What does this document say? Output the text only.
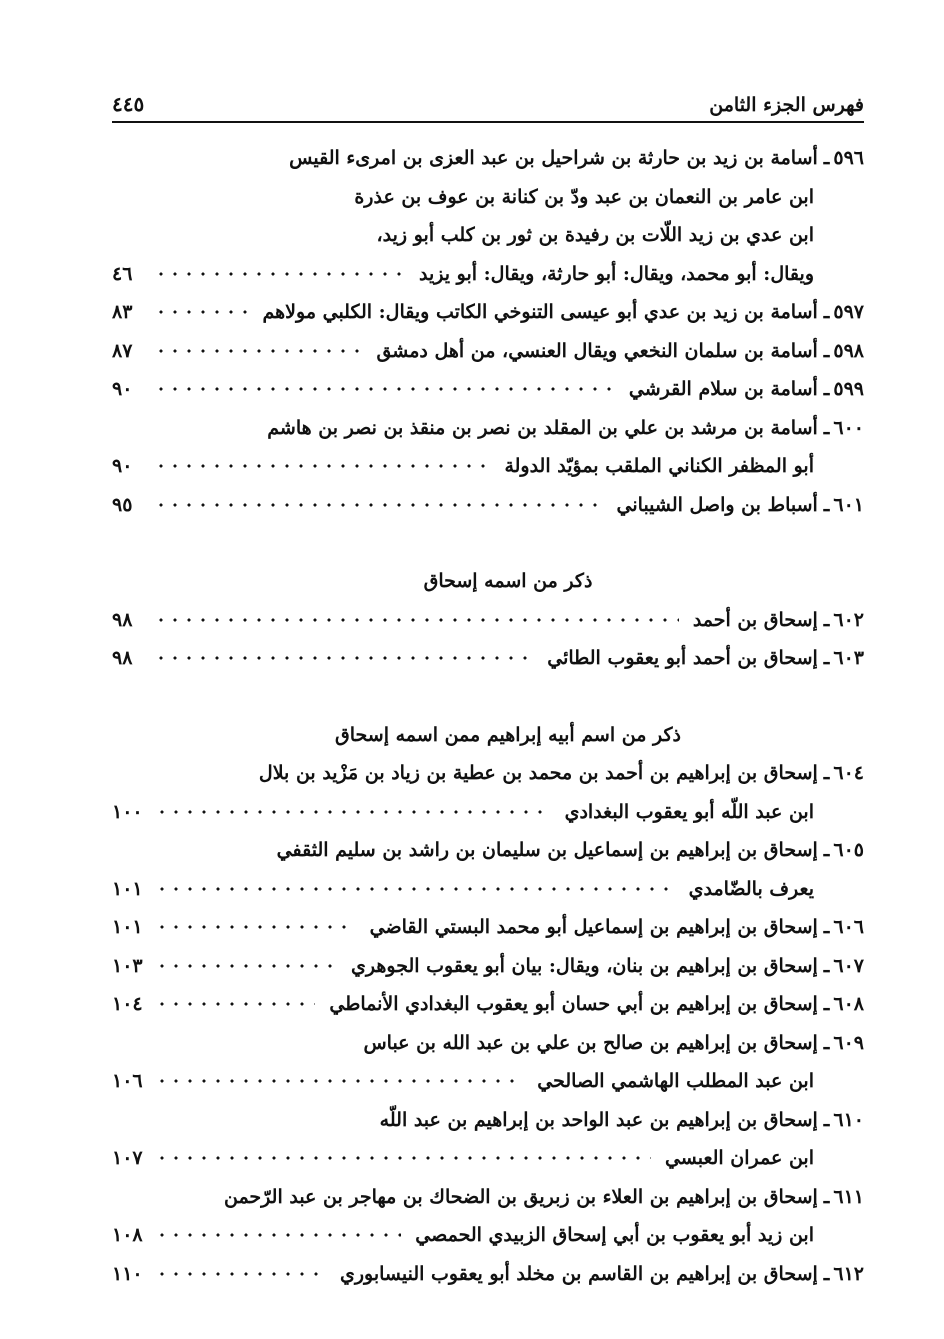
فهرس الجزء الثامن
٤٤٥
٥٩٦
ـ
أسامة بن زيد بن حارثة بن شراحيل بن عبد العزى بن امرىء القيس
ابن عامر بن النعمان بن عبد ودّ بن كنانة بن عوف بن عذرة
ابن عدي بن زيد اللّات بن رفيدة بن ثور بن كلب أبو زيد،
ويقال: أبو محمد، ويقال: أبو حارثة، ويقال: أبو يزيد
٤٦
٥٩٧
ـ
أسامة بن زيد بن عدي أبو عيسى التنوخي الكاتب ويقال: الكلبي مولاهم
٨٣
٥٩٨
ـ
أسامة بن سلمان النخعي ويقال العنسي، من أهل دمشق
٨٧
٥٩٩
ـ
أسامة بن سلام القرشي
٩٠
٦٠٠
ـ
أسامة بن مرشد بن علي بن المقلد بن نصر بن منقذ بن نصر بن هاشم
أبو المظفر الكناني الملقب بمؤيّد الدولة
٩٠
٦٠١
ـ
أسباط بن واصل الشيباني
٩٥
ذكر من اسمه إسحاق
٦٠٢
ـ
إسحاق بن أحمد
٩٨
٦٠٣
ـ
إسحاق بن أحمد أبو يعقوب الطائي
٩٨
ذكر من اسم أبيه إبراهيم ممن اسمه إسحاق
٦٠٤
ـ
إسحاق بن إبراهيم بن أحمد بن محمد بن عطية بن زياد بن مَزْيد بن بلال
ابن عبد اللّه أبو يعقوب البغدادي
١٠٠
٦٠٥
ـ
إسحاق بن إبراهيم بن إسماعيل بن سليمان بن راشد بن سليم الثقفي
يعرف بالضّامدي
١٠١
٦٠٦
ـ
إسحاق بن إبراهيم بن إسماعيل أبو محمد البستي القاضي
١٠١
٦٠٧
ـ
إسحاق بن إبراهيم بن بنان، ويقال: بيان أبو يعقوب الجوهري
١٠٣
٦٠٨
ـ
إسحاق بن إبراهيم بن أبي حسان أبو يعقوب البغدادي الأنماطي
١٠٤
٦٠٩
ـ
إسحاق بن إبراهيم بن صالح بن علي بن عبد الله بن عباس
ابن عبد المطلب الهاشمي الصالحي
١٠٦
٦١٠
ـ
إسحاق بن إبراهيم بن عبد الواحد بن إبراهيم بن عبد اللّه
ابن عمران العبسي
١٠٧
٦١١
ـ
إسحاق بن إبراهيم بن العلاء بن زبريق بن الضحاك بن مهاجر بن عبد الرّحمن
ابن زيد أبو يعقوب بن أبي إسحاق الزبيدي الحمصي
١٠٨
٦١٢
ـ
إسحاق بن إبراهيم بن القاسم بن مخلد أبو يعقوب النيسابوري
١١٠
